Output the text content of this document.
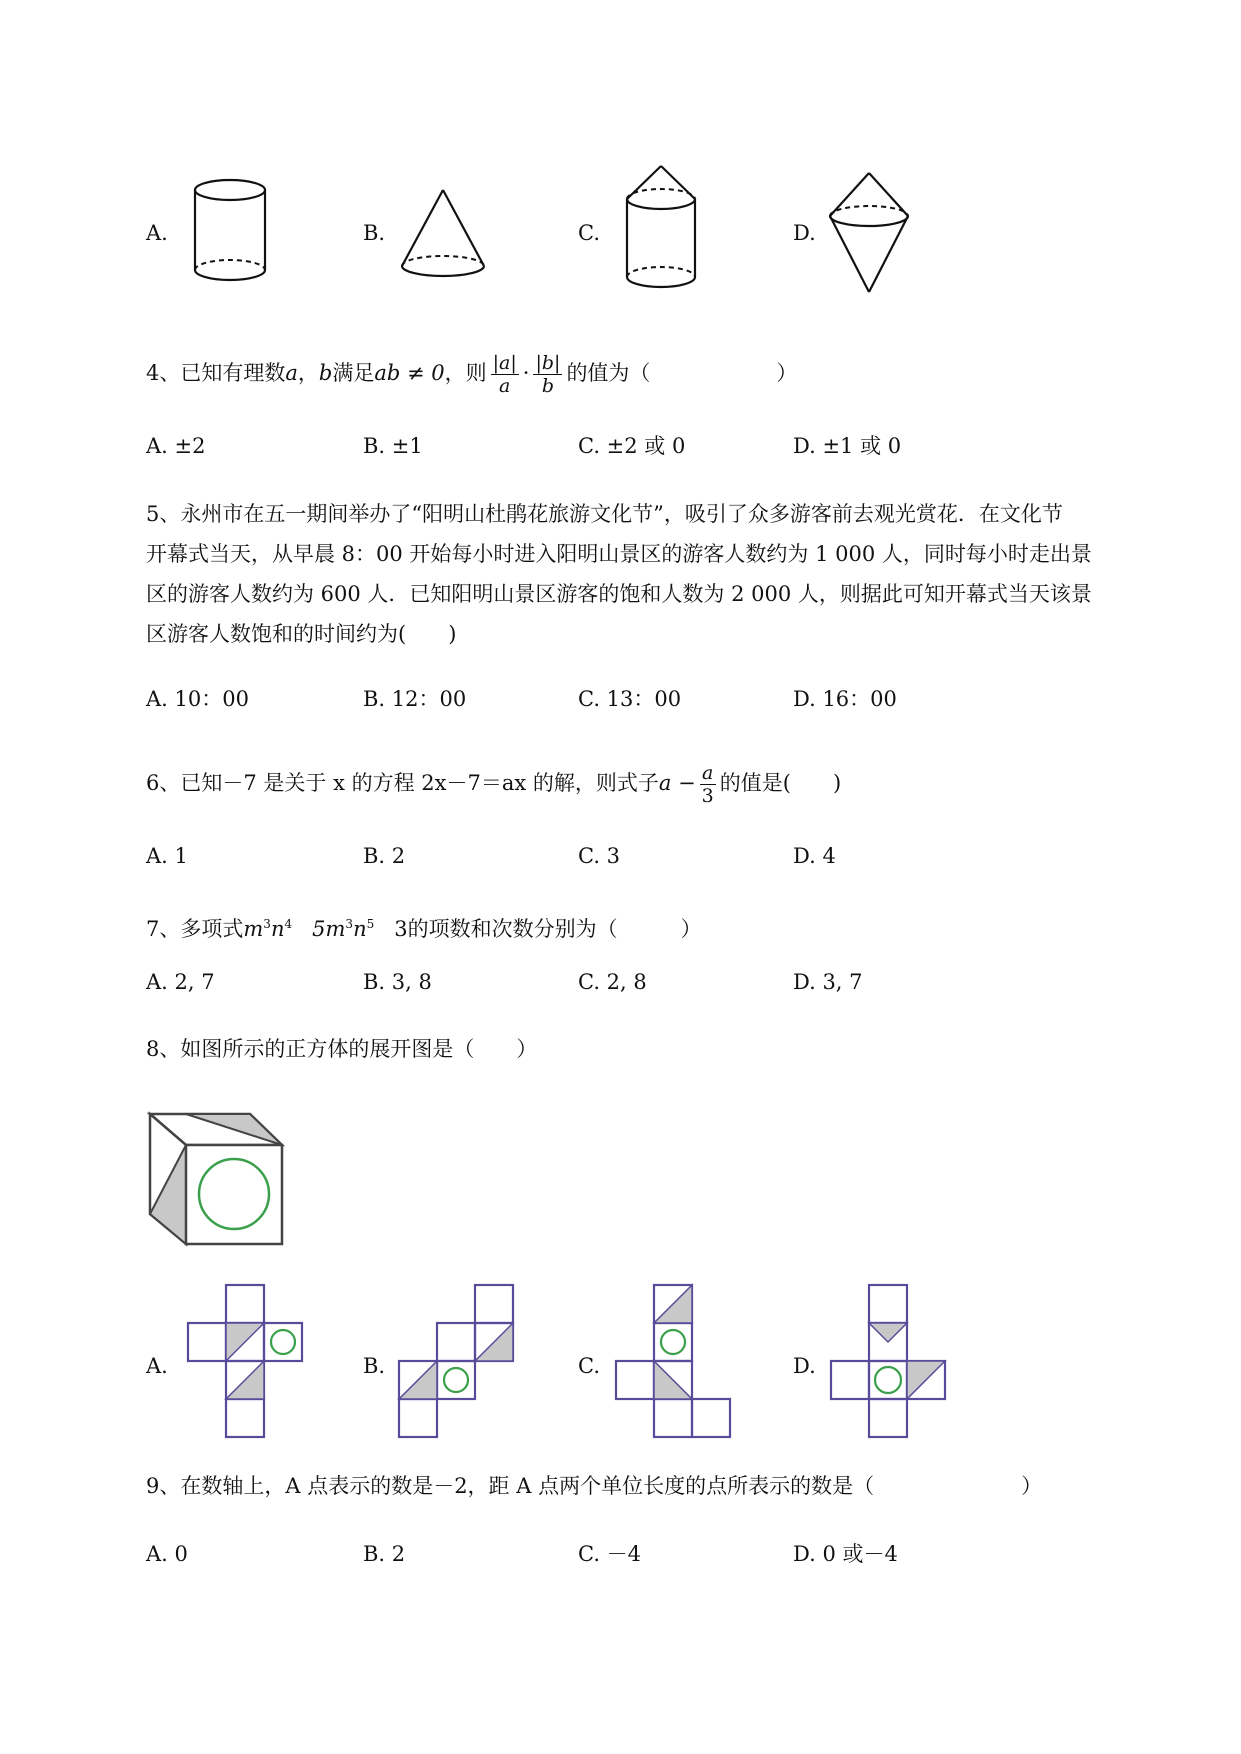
A.	B.	C.	D.
4、已知有理数a，b满足ab ≠ 0，则 $\frac{|a|}{a} \cdot \frac{|b|}{b}$ 的值为（　　　　　　）
A. ±2	B. ±1	C. ±2 或 0	D. ±1 或 0
5、永州市在五一期间举办了“阳明山杜鹃花旅游文化节”，吸引了众多游客前去观光赏花．在文化节
开幕式当天，从早晨 8：00 开始每小时进入阳明山景区的游客人数约为 1 000 人，同时每小时走出景
区的游客人数约为 600 人．已知阳明山景区游客的饱和人数为 2 000 人，则据此可知开幕式当天该景
区游客人数饱和的时间约为(　　)
A. 10：00	B. 12：00	C. 13：00	D. 16：00
6、已知－7 是关于 x 的方程 2x－7＝ax 的解，则式子$a - \frac{a}{3}$ 的值是(　　)
A. 1	B. 2	C. 3	D. 4
7、多项式$m^3n^4$ $5m^3n^5$ 3的项数和次数分别为（　　　）
A. 2, 7	B. 3, 8	C. 2, 8	D. 3, 7
8、如图所示的正方体的展开图是（　　）
A.	B.	C.	D.
9、在数轴上，A 点表示的数是－2，距 A 点两个单位长度的点所表示的数是（　　　　　　　）
A. 0	B. 2	C. －4	D. 0 或－4
